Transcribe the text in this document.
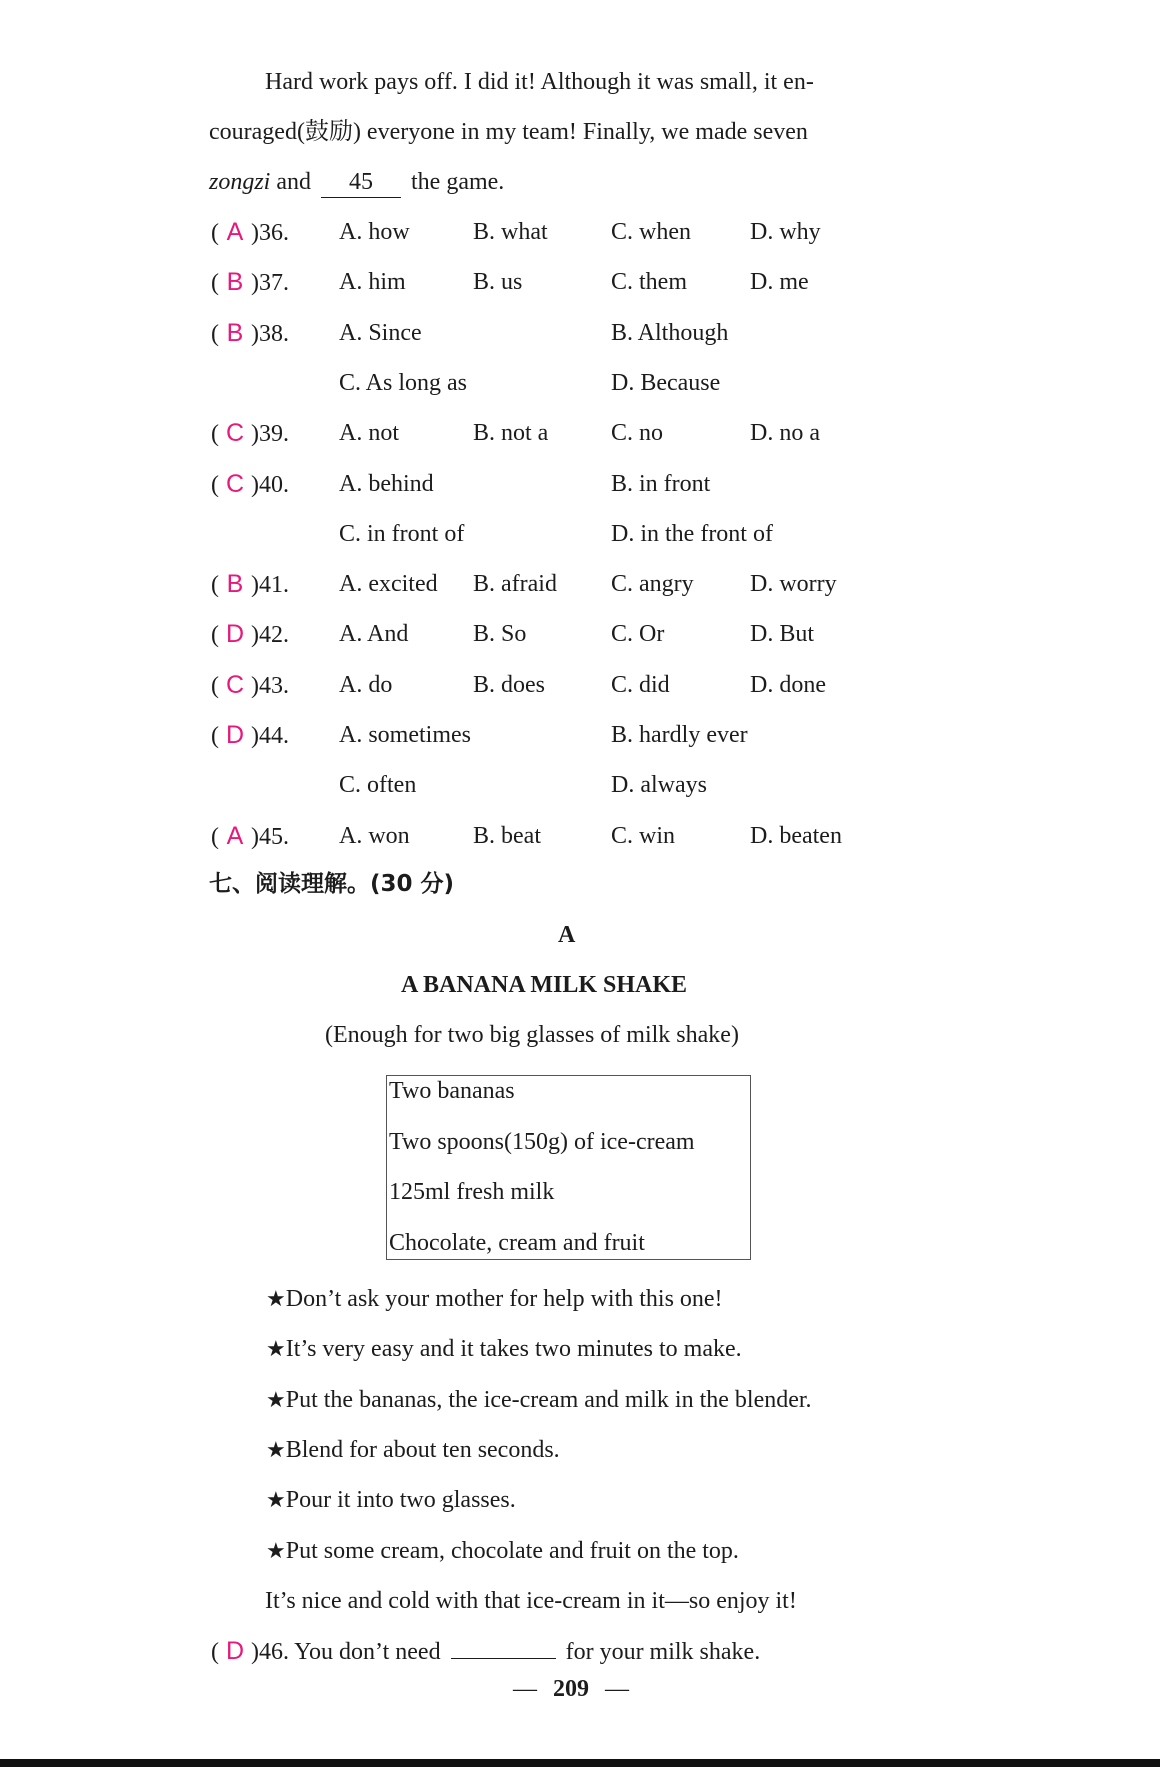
Hard work pays off. I did it! Although it was small, it en-
couraged(鼓励) everyone in my team! Finally, we made seven
zongzi and 45 the game.
( A )36. A. how	B. what	C. when D. why
( B )37. A. him	B. us	C. them	D. me
( B )38. A. Since	B. Although
C. As long as	D. Because
( C )39. A. not	B. not a	C. no	D. no a
( C )40. A. behind	B. in front
C. in front of	D. in the front of
( B )41. A. excited B. afraid C. angry D. worry
( D )42. A. And	B. So	C. Or	D. But
( C )43. A. do	B. does	C. did	D. done
( D )44. A. sometimes	B. hardly ever
C. often	D. always
( A )45. A. won	B. beat	C. win	D. beaten
七、阅读理解。(30 分)
A
A BANANA MILK SHAKE
(Enough for two big glasses of milk shake)
Two bananas
Two spoons(150g) of ice-cream
125ml fresh milk
Chocolate, cream and fruit
★Don’t ask your mother for help with this one!
★It’s very easy and it takes two minutes to make.
★Put the bananas, the ice-cream and milk in the blender.
★Blend for about ten seconds.
★Pour it into two glasses.
★Put some cream, chocolate and fruit on the top.
It’s nice and cold with that ice-cream in it—so enjoy it!
( D )46. You don’t need	for your milk shake.
— 209 —
